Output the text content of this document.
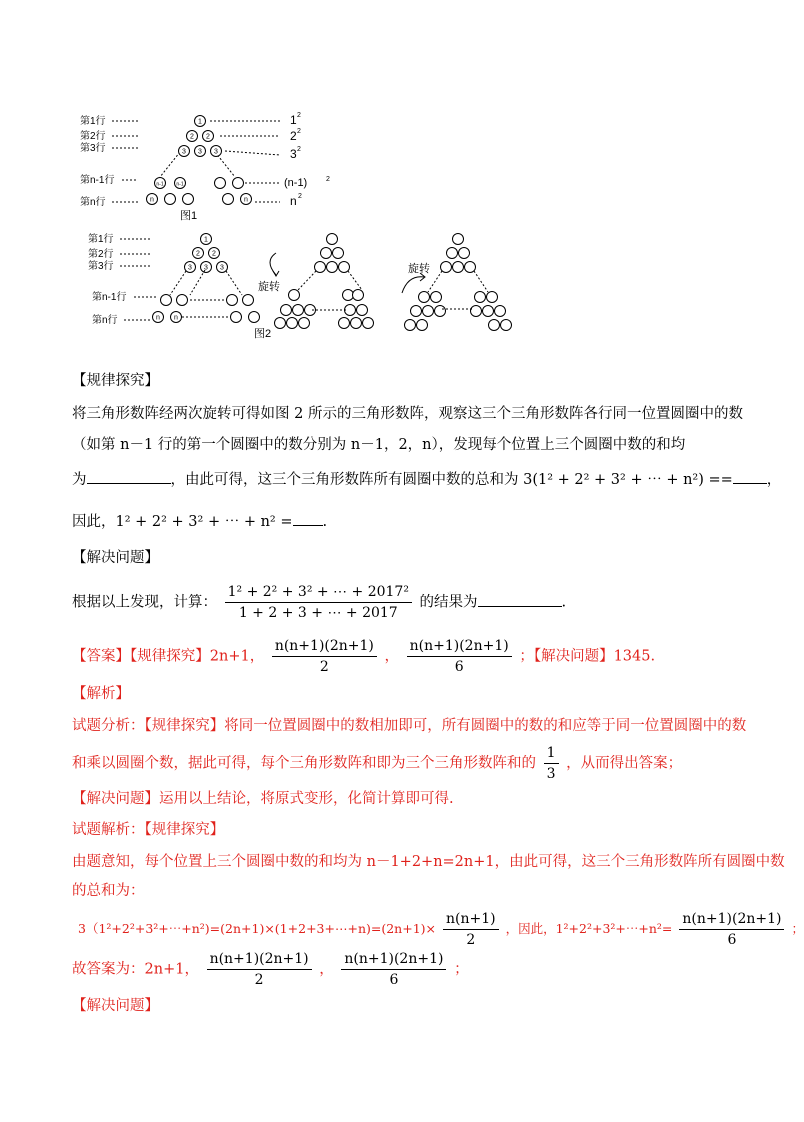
第1行
第2行
第3行
第n-1行
第n行
1
2 2
3 3 3
n-1	n-1
n	n
1 2
2 2
3 2
(n-1)	2
n 2
图1
第1行
第2行
第3行
第n-1行
第n行
1
2 2
3 3 3
n n
图2
旋转
旋转
【规律探究】
将三角形数阵经两次旋转可得如图 2 所示的三角形数阵，观察这三个三角形数阵各行同一位置圆圈中的数
（如第 n－1 行的第一个圆圈中的数分别为 n－1，2，n），发现每个位置上三个圆圈中数的和均
为	，由此可得，这三个三角形数阵所有圆圈中数的总和为 3(1² + 2² + 3² + ⋯ + n²) == ，
因此，1² + 2² + 3² + ⋯ + n² = .
【解决问题】
根据以上发现，计算： $\frac{\text{1² + 2² + 3² + ⋯ + 2017²}}{1 + 2 + 3 + \cdots + 2017}$ 的结果为	.
【答案】【规律探究】2n+1， $\frac{n(n+1)(2n+1)}{2}$ ， $\frac{n(n+1)(2n+1)}{6}$ ；【解决问题】1345.
【解析】
试题分析：【规律探究】将同一位置圆圈中的数相加即可，所有圆圈中的数的和应等于同一位置圆圈中的数
和乘以圆圈个数，据此可得，每个三角形数阵和即为三个三角形数阵和的 $\frac{1}{3}$ ，从而得出答案；
【解决问题】运用以上结论，将原式变形，化简计算即可得.
试题解析：【规律探究】
由题意知，每个位置上三个圆圈中数的和均为 n－1+2+n=2n+1，由此可得，这三个三角形数阵所有圆圈中数
的总和为：
3（1²+2²+3²+⋯+n²)=(2n+1)×(1+2+3+⋯+n)=(2n+1)× $\frac{n(n+1)}{2}$ ，因此，1²+2²+3²+⋯+n²= $\frac{n(n+1)(2n+1)}{6}$ ；
故答案为：2n+1， $\frac{n(n+1)(2n+1)}{2}$ ， $\frac{n(n+1)(2n+1)}{6}$ ；
【解决问题】
